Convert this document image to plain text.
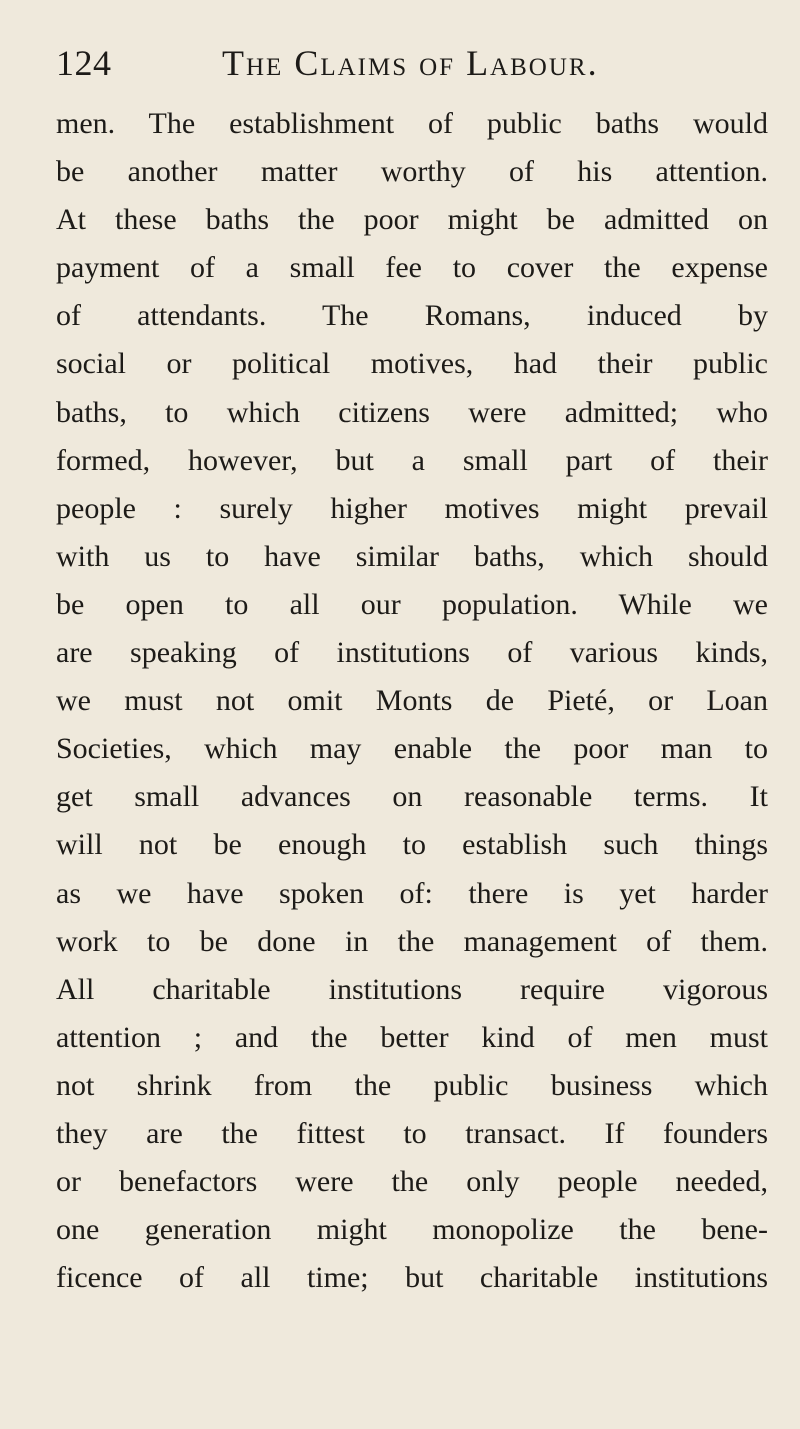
124	The Claims of Labour.
men. The establishment of public baths would
be another matter worthy of his attention.
At these baths the poor might be admitted on
payment of a small fee to cover the expense
of attendants. The Romans, induced by
social or political motives, had their public
baths, to which citizens were admitted; who
formed, however, but a small part of their
people : surely higher motives might prevail
with us to have similar baths, which should
be open to all our population. While we
are speaking of institutions of various kinds,
we must not omit Monts de Pieté, or Loan
Societies, which may enable the poor man to
get small advances on reasonable terms. It
will not be enough to establish such things
as we have spoken of: there is yet harder
work to be done in the management of them.
All charitable institutions require vigorous
attention ; and the better kind of men must
not shrink from the public business which
they are the fittest to transact. If founders
or benefactors were the only people needed,
one generation might monopolize the bene-
ficence of all time; but charitable institutions
